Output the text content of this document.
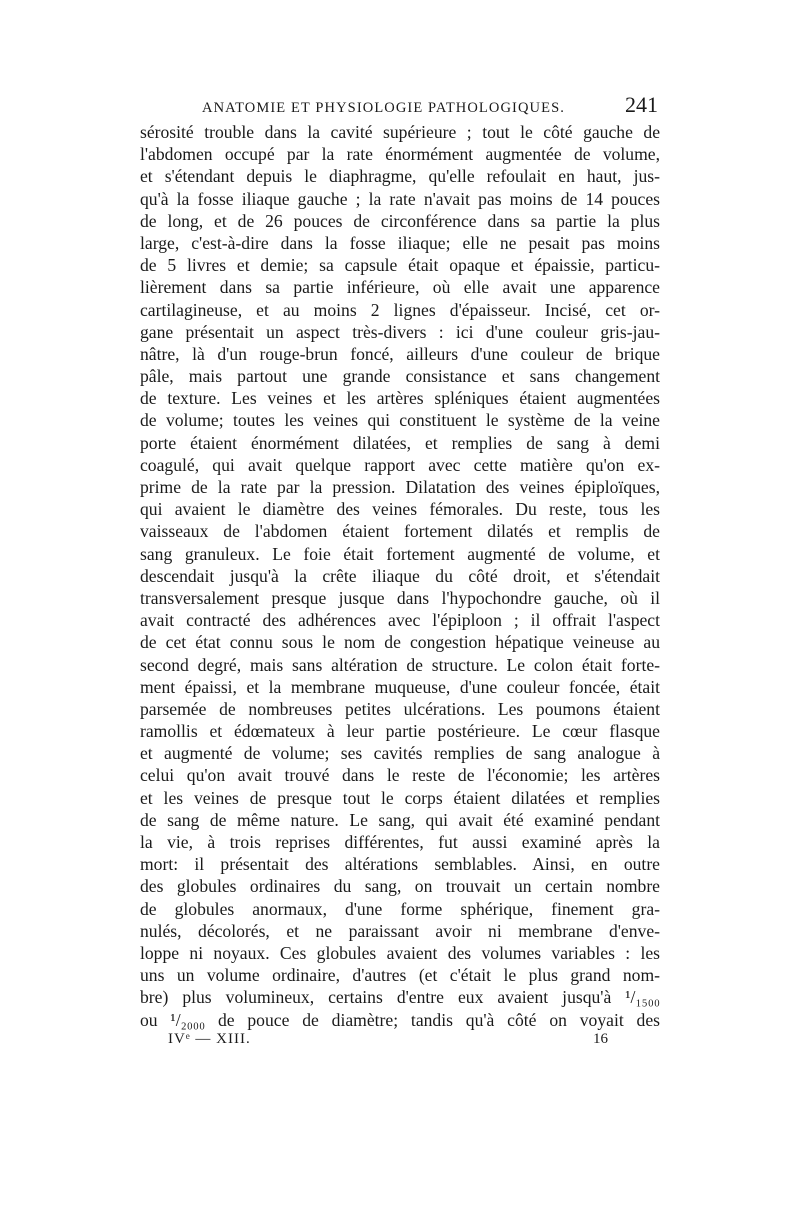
ANATOMIE ET PHYSIOLOGIE PATHOLOGIQUES.	241
sérosité trouble dans la cavité supérieure ; tout le côté gauche de
l'abdomen occupé par la rate énormément augmentée de volume,
et s'étendant depuis le diaphragme, qu'elle refoulait en haut, jus-
qu'à la fosse iliaque gauche ; la rate n'avait pas moins de 14 pouces
de long, et de 26 pouces de circonférence dans sa partie la plus
large, c'est-à-dire dans la fosse iliaque; elle ne pesait pas moins
de 5 livres et demie; sa capsule était opaque et épaissie, particu-
lièrement dans sa partie inférieure, où elle avait une apparence
cartilagineuse, et au moins 2 lignes d'épaisseur. Incisé, cet or-
gane présentait un aspect très-divers : ici d'une couleur gris-jau-
nâtre, là d'un rouge-brun foncé, ailleurs d'une couleur de brique
pâle, mais partout une grande consistance et sans changement
de texture. Les veines et les artères spléniques étaient augmentées
de volume; toutes les veines qui constituent le système de la veine
porte étaient énormément dilatées, et remplies de sang à demi
coagulé, qui avait quelque rapport avec cette matière qu'on ex-
prime de la rate par la pression. Dilatation des veines épiploïques,
qui avaient le diamètre des veines fémorales. Du reste, tous les
vaisseaux de l'abdomen étaient fortement dilatés et remplis de
sang granuleux. Le foie était fortement augmenté de volume, et
descendait jusqu'à la crête iliaque du côté droit, et s'étendait
transversalement presque jusque dans l'hypochondre gauche, où il
avait contracté des adhérences avec l'épiploon ; il offrait l'aspect
de cet état connu sous le nom de congestion hépatique veineuse au
second degré, mais sans altération de structure. Le colon était forte-
ment épaissi, et la membrane muqueuse, d'une couleur foncée, était
parsemée de nombreuses petites ulcérations. Les poumons étaient
ramollis et édœmateux à leur partie postérieure. Le cœur flasque
et augmenté de volume; ses cavités remplies de sang analogue à
celui qu'on avait trouvé dans le reste de l'économie; les artères
et les veines de presque tout le corps étaient dilatées et remplies
de sang de même nature. Le sang, qui avait été examiné pendant
la vie, à trois reprises différentes, fut aussi examiné après la
mort: il présentait des altérations semblables. Ainsi, en outre
des globules ordinaires du sang, on trouvait un certain nombre
de globules anormaux, d'une forme sphérique, finement gra-
nulés, décolorés, et ne paraissant avoir ni membrane d'enve-
loppe ni noyaux. Ces globules avaient des volumes variables : les
uns un volume ordinaire, d'autres (et c'était le plus grand nom-
bre) plus volumineux, certains d'entre eux avaient jusqu'à ¹/₁₅₀₀
ou ¹/₂₀₀₀ de pouce de diamètre; tandis qu'à côté on voyait des
IVᵉ — XIII.	16
